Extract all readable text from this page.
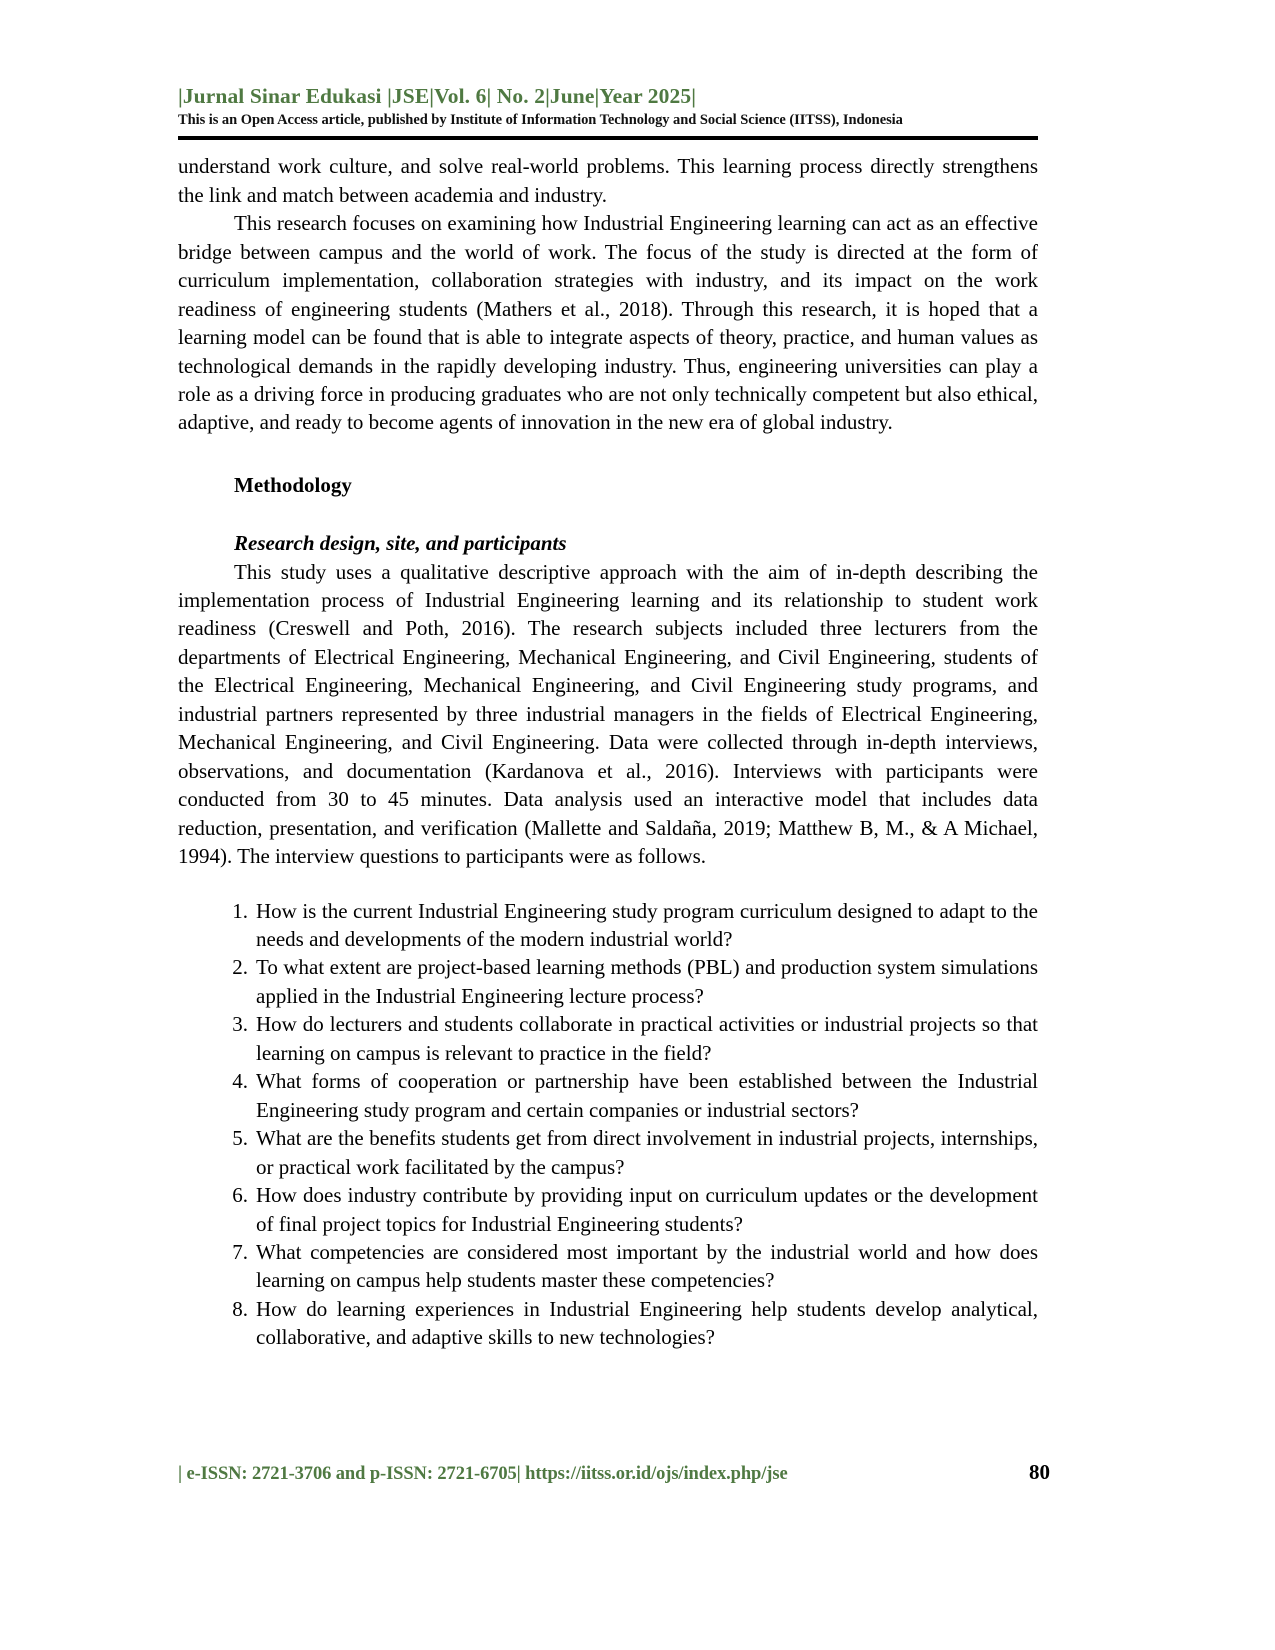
|Jurnal Sinar Edukasi |JSE|Vol. 6| No. 2|June|Year 2025|
This is an Open Access article, published by Institute of Information Technology and Social Science (IITSS), Indonesia

understand work culture, and solve real-world problems. This learning process directly strengthens the link and match between academia and industry.

This research focuses on examining how Industrial Engineering learning can act as an effective bridge between campus and the world of work. The focus of the study is directed at the form of curriculum implementation, collaboration strategies with industry, and its impact on the work readiness of engineering students (Mathers et al., 2018). Through this research, it is hoped that a learning model can be found that is able to integrate aspects of theory, practice, and human values as technological demands in the rapidly developing industry. Thus, engineering universities can play a role as a driving force in producing graduates who are not only technically competent but also ethical, adaptive, and ready to become agents of innovation in the new era of global industry.

Methodology
Research design, site, and participants

This study uses a qualitative descriptive approach with the aim of in-depth describing the implementation process of Industrial Engineering learning and its relationship to student work readiness (Creswell and Poth, 2016). The research subjects included three lecturers from the departments of Electrical Engineering, Mechanical Engineering, and Civil Engineering, students of the Electrical Engineering, Mechanical Engineering, and Civil Engineering study programs, and industrial partners represented by three industrial managers in the fields of Electrical Engineering, Mechanical Engineering, and Civil Engineering. Data were collected through in-depth interviews, observations, and documentation (Kardanova et al., 2016). Interviews with participants were conducted from 30 to 45 minutes. Data analysis used an interactive model that includes data reduction, presentation, and verification (Mallette and Saldaña, 2019; Matthew B, M., & A Michael, 1994). The interview questions to participants were as follows.

1. How is the current Industrial Engineering study program curriculum designed to adapt to the needs and developments of the modern industrial world?
2. To what extent are project-based learning methods (PBL) and production system simulations applied in the Industrial Engineering lecture process?
3. How do lecturers and students collaborate in practical activities or industrial projects so that learning on campus is relevant to practice in the field?
4. What forms of cooperation or partnership have been established between the Industrial Engineering study program and certain companies or industrial sectors?
5. What are the benefits students get from direct involvement in industrial projects, internships, or practical work facilitated by the campus?
6. How does industry contribute by providing input on curriculum updates or the development of final project topics for Industrial Engineering students?
7. What competencies are considered most important by the industrial world and how does learning on campus help students master these competencies?
8. How do learning experiences in Industrial Engineering help students develop analytical, collaborative, and adaptive skills to new technologies?
| e-ISSN: 2721-3706 and p-ISSN: 2721-6705| https://iitss.or.id/ojs/index.php/jse	80
